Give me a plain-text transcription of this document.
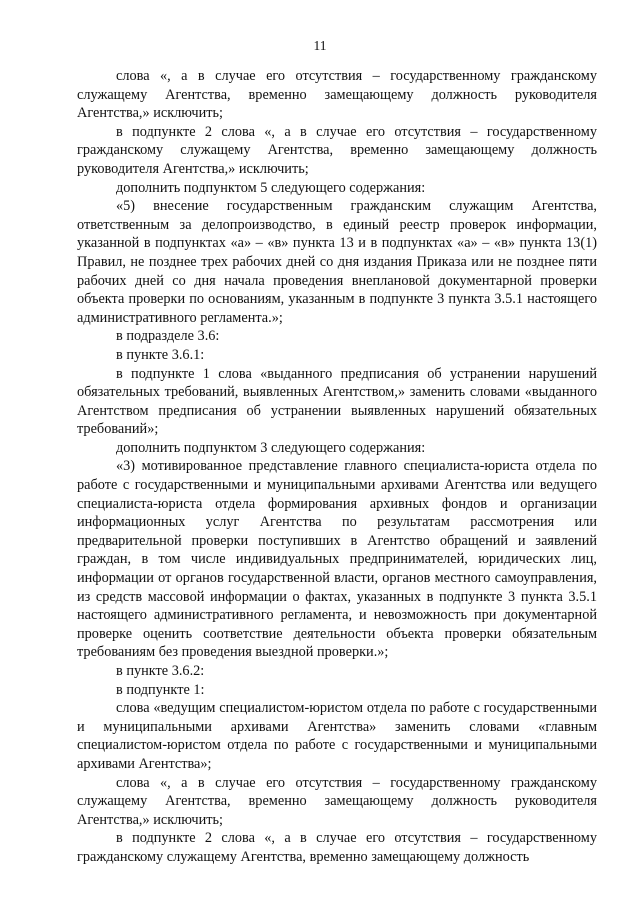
11

слова «, а в случае его отсутствия – государственному гражданскому служащему Агентства, временно замещающему должность руководителя Агентства,» исключить;

в подпункте 2 слова «, а в случае его отсутствия – государственному гражданскому служащему Агентства, временно замещающему должность руководителя Агентства,» исключить;

дополнить подпунктом 5 следующего содержания:

«5) внесение государственным гражданским служащим Агентства, ответственным за делопроизводство, в единый реестр проверок информации, указанной в подпунктах «а» – «в» пункта 13 и в подпунктах «а» – «в» пункта 13(1) Правил, не позднее трех рабочих дней со дня издания Приказа или не позднее пяти рабочих дней со дня начала проведения внеплановой документарной проверки объекта проверки по основаниям, указанным в подпункте 3 пункта 3.5.1 настоящего административного регламента.»;

в подразделе 3.6:

в пункте 3.6.1:

в подпункте 1 слова «выданного предписания об устранении нарушений обязательных требований, выявленных Агентством,» заменить словами «выданного Агентством предписания об устранении выявленных нарушений обязательных требований»;

дополнить подпунктом 3 следующего содержания:

«3) мотивированное представление главного специалиста-юриста отдела по работе с государственными и муниципальными архивами Агентства или ведущего специалиста-юриста отдела формирования архивных фондов и организации информационных услуг Агентства по результатам рассмотрения или предварительной проверки поступивших в Агентство обращений и заявлений граждан, в том числе индивидуальных предпринимателей, юридических лиц, информации от органов государственной власти, органов местного самоуправления, из средств массовой информации о фактах, указанных в подпункте 3 пункта 3.5.1 настоящего административного регламента, и невозможность при документарной проверке оценить соответствие деятельности объекта проверки обязательным требованиям без проведения выездной проверки.»;

в пункте 3.6.2:

в подпункте 1:

слова «ведущим специалистом-юристом отдела по работе с государственными и муниципальными архивами Агентства» заменить словами «главным специалистом-юристом отдела по работе с государственными и муниципальными архивами Агентства»;

слова «, а в случае его отсутствия – государственному гражданскому служащему Агентства, временно замещающему должность руководителя Агентства,» исключить;

в подпункте 2 слова «, а в случае его отсутствия – государственному гражданскому служащему Агентства, временно замещающему должность
